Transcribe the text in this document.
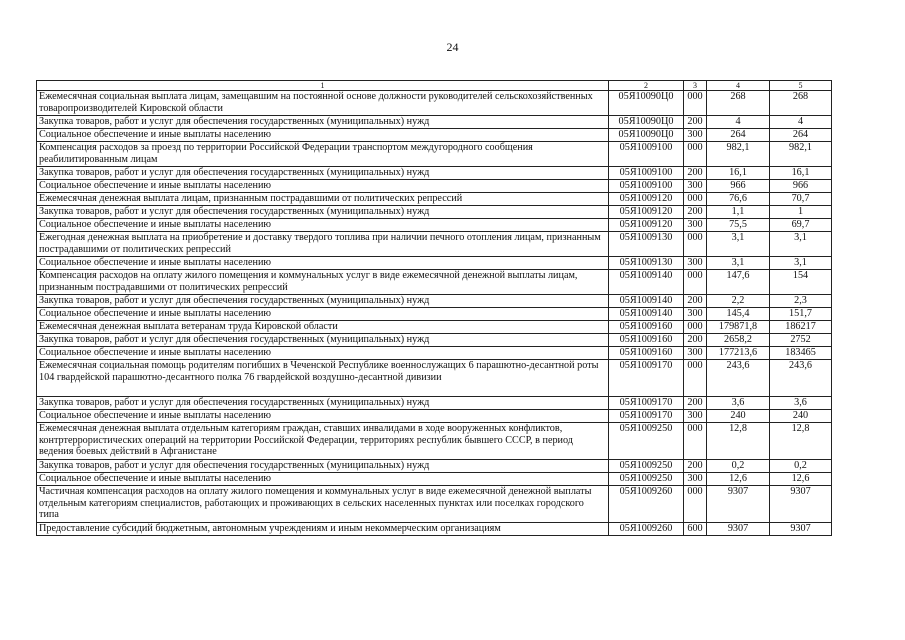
24
1	2	3	4	5
Ежемесячная социальная выплата лицам, замещавшим на постоянной основе должности руководителей сельскохозяйственных товаропроизводителей Кировской области	05Я10090Ц0	000	268	268
Закупка товаров, работ и услуг для обеспечения государственных (муниципальных) нужд	05Я10090Ц0	200	4	4
Социальное обеспечение и иные выплаты населению	05Я10090Ц0	300	264	264
Компенсация расходов за проезд по территории Российской Федерации транспортом междугородного сообщения реабилитированным лицам	05Я1009100	000	982,1	982,1
Закупка товаров, работ и услуг для обеспечения государственных (муниципальных) нужд	05Я1009100	200	16,1	16,1
Социальное обеспечение и иные выплаты населению	05Я1009100	300	966	966
Ежемесячная денежная выплата лицам, признанным пострадавшими от политических репрессий	05Я1009120	000	76,6	70,7
Закупка товаров, работ и услуг для обеспечения государственных (муниципальных) нужд	05Я1009120	200	1,1	1
Социальное обеспечение и иные выплаты населению	05Я1009120	300	75,5	69,7
Ежегодная денежная выплата на приобретение и доставку твердого топлива при наличии печного отопления лицам, признанным пострадавшими от политических репрессий	05Я1009130	000	3,1	3,1
Социальное обеспечение и иные выплаты населению	05Я1009130	300	3,1	3,1
Компенсация расходов на оплату жилого помещения и коммунальных услуг в виде ежемесячной денежной выплаты лицам, признанным пострадавшими от политических репрессий	05Я1009140	000	147,6	154
Закупка товаров, работ и услуг для обеспечения государственных (муниципальных) нужд	05Я1009140	200	2,2	2,3
Социальное обеспечение и иные выплаты населению	05Я1009140	300	145,4	151,7
Ежемесячная денежная выплата ветеранам труда Кировской области	05Я1009160	000	179871,8	186217
Закупка товаров, работ и услуг для обеспечения государственных (муниципальных) нужд	05Я1009160	200	2658,2	2752
Социальное обеспечение и иные выплаты населению	05Я1009160	300	177213,6	183465
Ежемесячная социальная помощь родителям погибших в Чеченской Республике военнослужащих 6 парашютно-десантной роты 104 гвардейской парашютно-десантного полка 76 гвардейской воздушно-десантной дивизии	05Я1009170	000	243,6	243,6
Закупка товаров, работ и услуг для обеспечения государственных (муниципальных) нужд	05Я1009170	200	3,6	3,6
Социальное обеспечение и иные выплаты населению	05Я1009170	300	240	240
Ежемесячная денежная выплата отдельным категориям граждан, ставших инвалидами в ходе вооруженных конфликтов, контртеррористических операций на территории Российской Федерации, территориях республик бывшего СССР, в период ведения боевых действий в Афганистане	05Я1009250	000	12,8	12,8
Закупка товаров, работ и услуг для обеспечения государственных (муниципальных) нужд	05Я1009250	200	0,2	0,2
Социальное обеспечение и иные выплаты населению	05Я1009250	300	12,6	12,6
Частичная компенсация расходов на оплату жилого помещения и коммунальных услуг в виде ежемесячной денежной выплаты отдельным категориям специалистов, работающих и проживающих в сельских населенных пунктах или поселках городского типа	05Я1009260	000	9307	9307
Предоставление субсидий бюджетным, автономным учреждениям и иным некоммерческим организациям	05Я1009260	600	9307	9307
